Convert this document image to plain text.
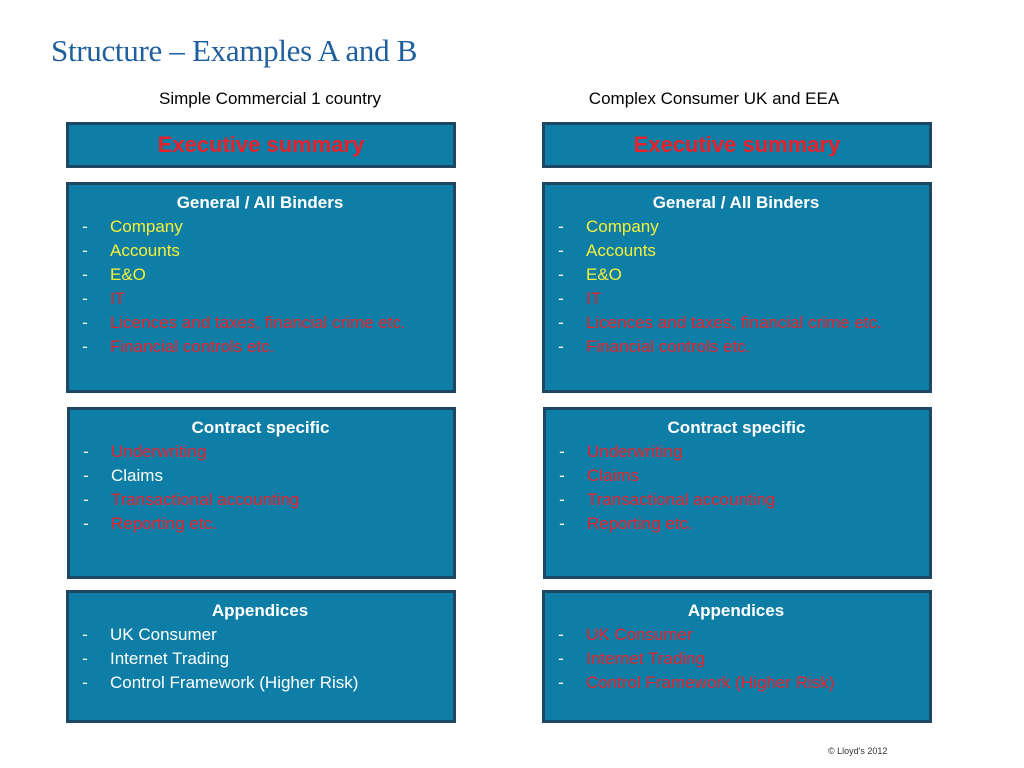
Structure – Examples A and B
Simple Commercial 1 country	Complex Consumer UK and EEA
Executive summary
General / All Binders
-	Company
-	Accounts
-	E&O
-	IT
-	Licences and taxes, financial crime etc.
-	Financial controls etc.
Contract specific
-	Underwriting
-	Claims
-	Transactional accounting
-	Reporting etc.
Appendices
-	UK Consumer
-	Internet Trading
-	Control Framework (Higher Risk)
Executive summary
General / All Binders
-	Company
-	Accounts
-	E&O
-	IT
-	Licences and taxes, financial crime etc.
-	Financial controls etc.
Contract specific
-	Underwriting
-	Claims
-	Transactional accounting
-	Reporting etc.
Appendices
-	UK Consumer
-	Internet Trading
-	Control Framework (Higher Risk)
© Lloyd's 2012
